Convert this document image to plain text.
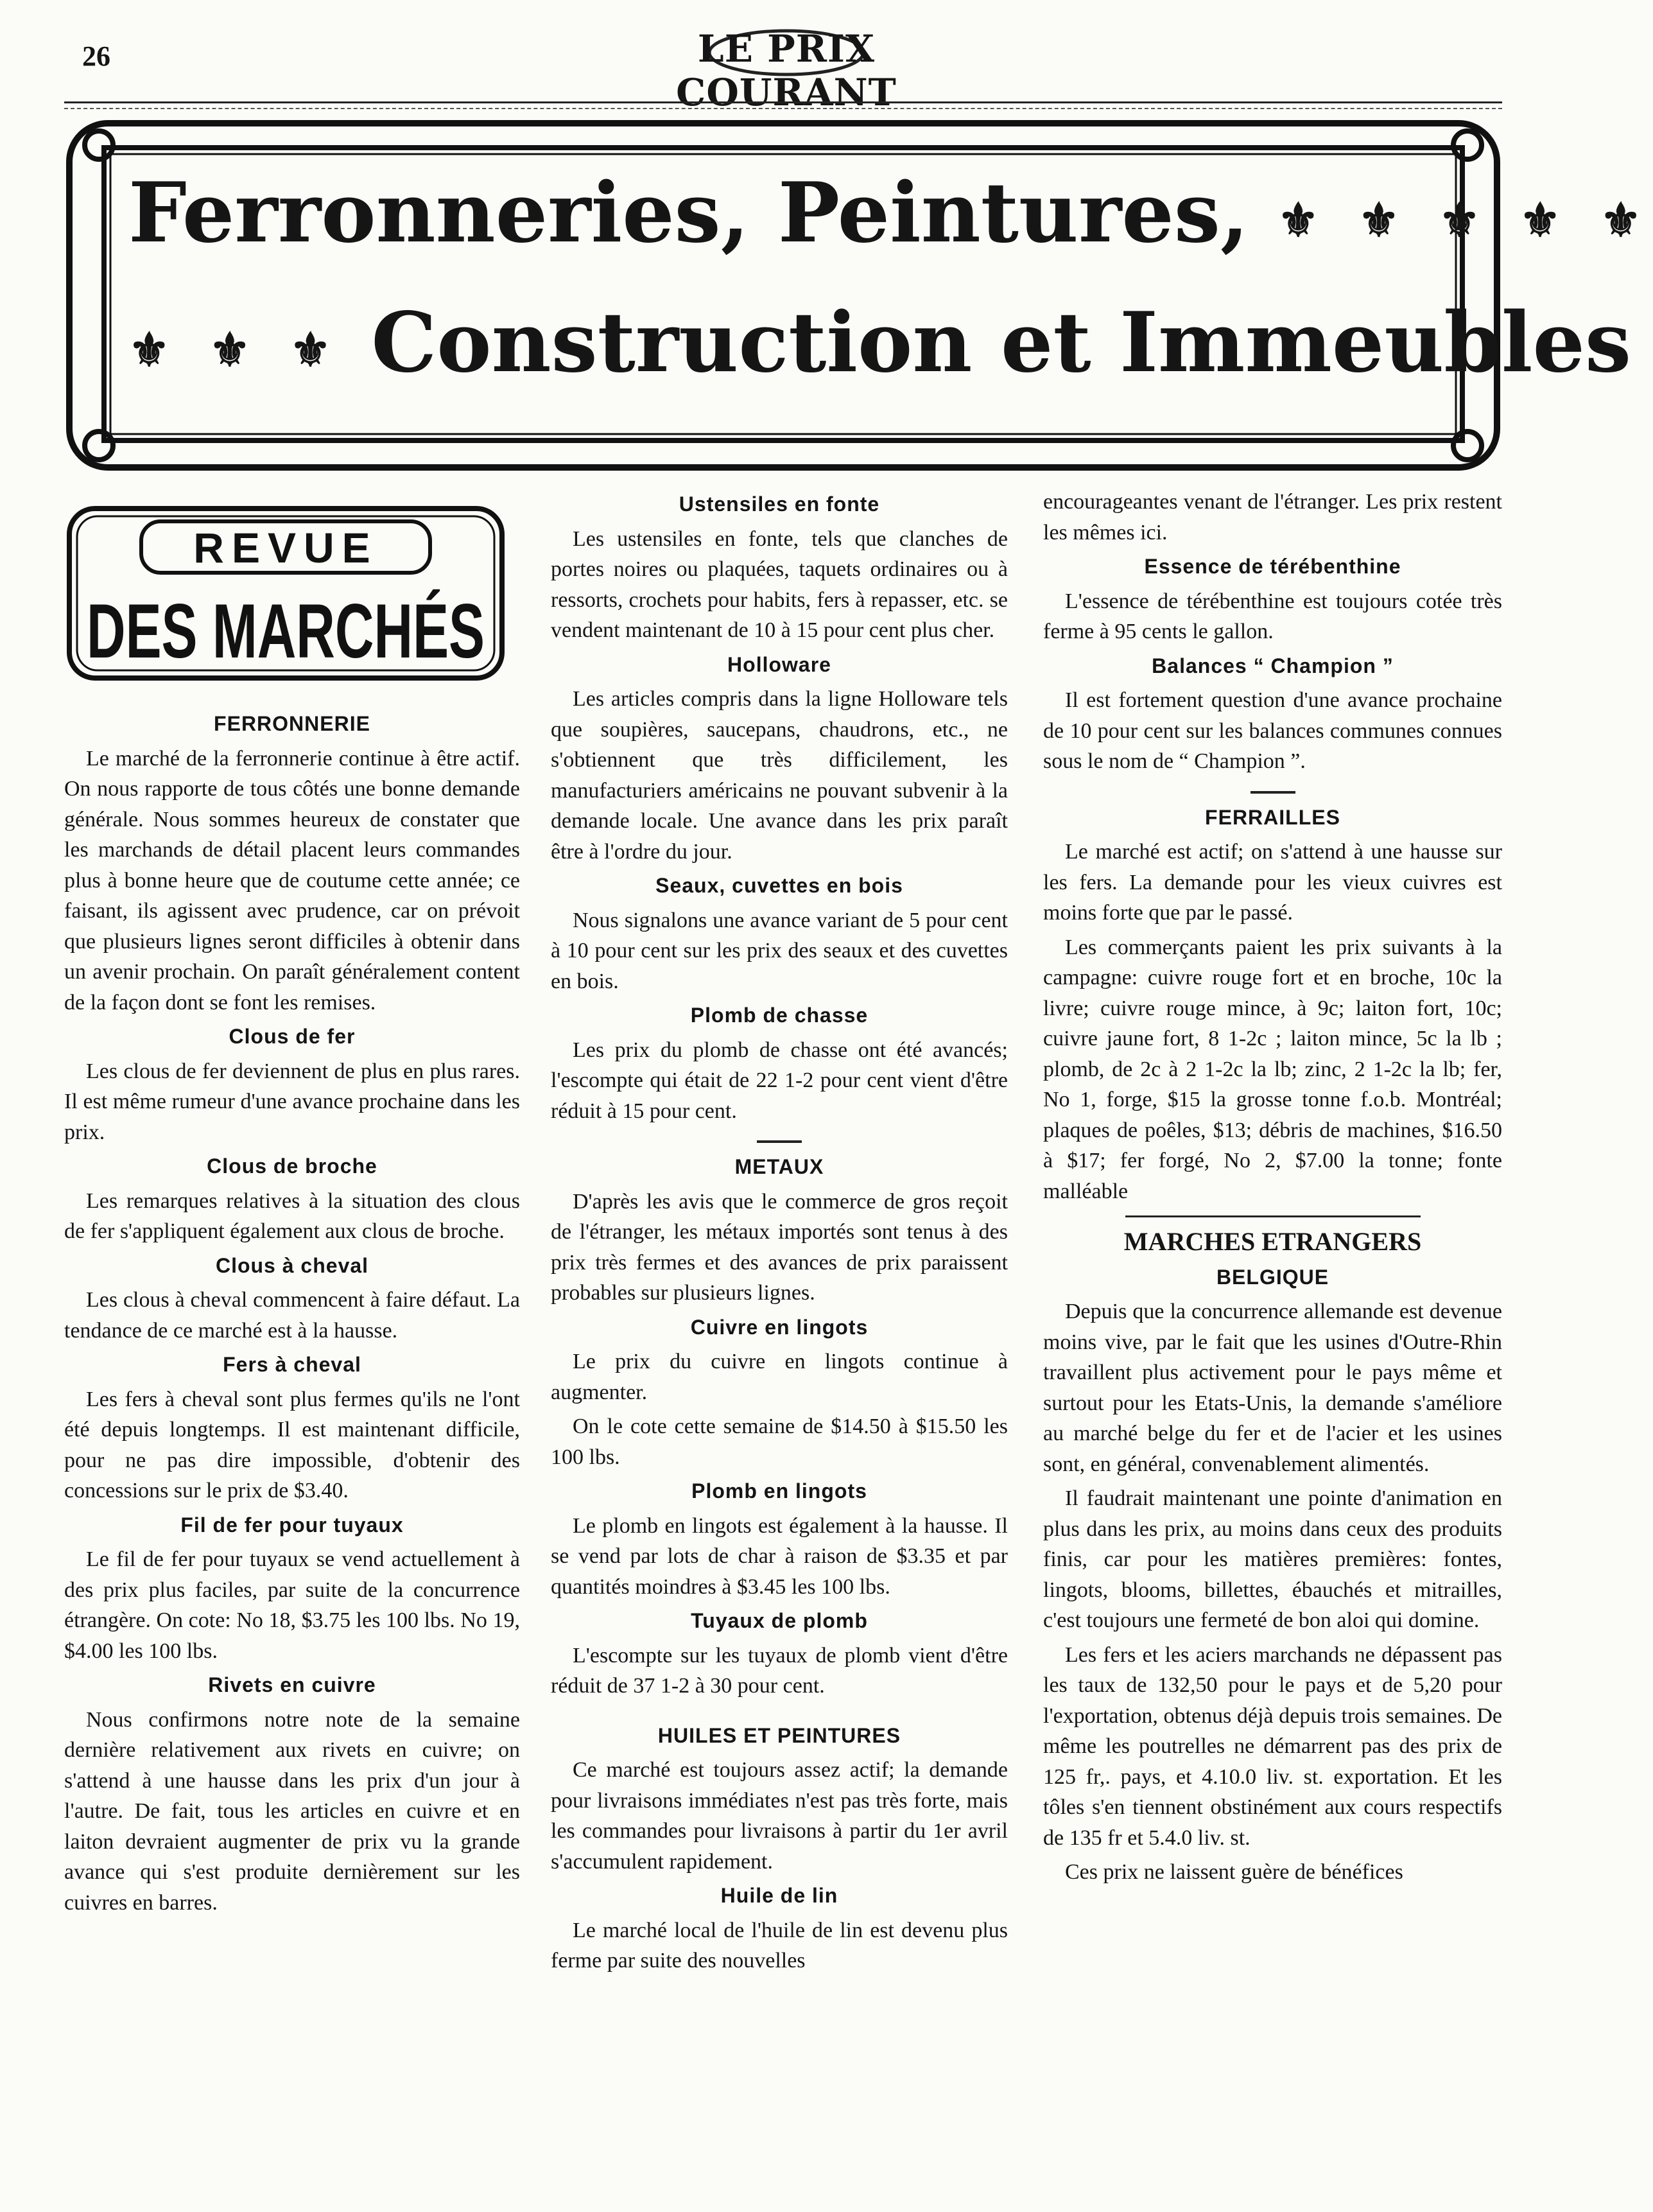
26	LE PRIX COURANT
Ferronneries, Peintures, ⚜ ⚜ ⚜ ⚜ ⚜
⚜ ⚜ ⚜ Construction et Immeubles
REVUE
DES MARCHÉS
FERRONNERIE

Le marché de la ferronnerie continue à être actif. On nous rapporte de tous côtés une bonne demande générale. Nous sommes heureux de constater que les marchands de détail placent leurs commandes plus à bonne heure que de coutume cette année; ce faisant, ils agissent avec prudence, car on prévoit que plusieurs lignes seront difficiles à obtenir dans un avenir prochain. On paraît généralement content de la façon dont se font les remises.

Clous de fer

Les clous de fer deviennent de plus en plus rares. Il est même rumeur d'une avance prochaine dans les prix.

Clous de broche

Les remarques relatives à la situation des clous de fer s'appliquent également aux clous de broche.

Clous à cheval

Les clous à cheval commencent à faire défaut. La tendance de ce marché est à la hausse.

Fers à cheval

Les fers à cheval sont plus fermes qu'ils ne l'ont été depuis longtemps. Il est maintenant difficile, pour ne pas dire impossible, d'obtenir des concessions sur le prix de $3.40.

Fil de fer pour tuyaux

Le fil de fer pour tuyaux se vend actuellement à des prix plus faciles, par suite de la concurrence étrangère. On cote: No 18, $3.75 les 100 lbs. No 19, $4.00 les 100 lbs.

Rivets en cuivre

Nous confirmons notre note de la semaine dernière relativement aux rivets en cuivre; on s'attend à une hausse dans les prix d'un jour à l'autre. De fait, tous les articles en cuivre et en laiton devraient augmenter de prix vu la grande avance qui s'est produite dernièrement sur les cuivres en barres.

Ustensiles en fonte

Les ustensiles en fonte, tels que clanches de portes noires ou plaquées, taquets ordinaires ou à ressorts, crochets pour habits, fers à repasser, etc. se vendent maintenant de 10 à 15 pour cent plus cher.

Holloware

Les articles compris dans la ligne Holloware tels que soupières, saucepans, chaudrons, etc., ne s'obtiennent que très difficilement, les manufacturiers américains ne pouvant subvenir à la demande locale. Une avance dans les prix paraît être à l'ordre du jour.

Seaux, cuvettes en bois

Nous signalons une avance variant de 5 pour cent à 10 pour cent sur les prix des seaux et des cuvettes en bois.

Plomb de chasse

Les prix du plomb de chasse ont été avancés; l'escompte qui était de 22 1-2 pour cent vient d'être réduit à 15 pour cent.

METAUX

D'après les avis que le commerce de gros reçoit de l'étranger, les métaux importés sont tenus à des prix très fermes et des avances de prix paraissent probables sur plusieurs lignes.

Cuivre en lingots

Le prix du cuivre en lingots continue à augmenter.

On le cote cette semaine de $14.50 à $15.50 les 100 lbs.

Plomb en lingots

Le plomb en lingots est également à la hausse. Il se vend par lots de char à raison de $3.35 et par quantités moindres à $3.45 les 100 lbs.

Tuyaux de plomb

L'escompte sur les tuyaux de plomb vient d'être réduit de 37 1-2 à 30 pour cent.

HUILES ET PEINTURES

Ce marché est toujours assez actif; la demande pour livraisons immédiates n'est pas très forte, mais les commandes pour livraisons à partir du 1er avril s'accumulent rapidement.

Huile de lin

Le marché local de l'huile de lin est devenu plus ferme par suite des nouvelles

encourageantes venant de l'étranger. Les prix restent les mêmes ici.

Essence de térébenthine

L'essence de térébenthine est toujours cotée très ferme à 95 cents le gallon.

Balances “ Champion ”

Il est fortement question d'une avance prochaine de 10 pour cent sur les balances communes connues sous le nom de “ Champion ”.

FERRAILLES

Le marché est actif; on s'attend à une hausse sur les fers. La demande pour les vieux cuivres est moins forte que par le passé.

Les commerçants paient les prix suivants à la campagne: cuivre rouge fort et en broche, 10c la livre; cuivre rouge mince, à 9c; laiton fort, 10c; cuivre jaune fort, 8 1-2c ; laiton mince, 5c la lb ; plomb, de 2c à 2 1-2c la lb; zinc, 2 1-2c la lb; fer, No 1, forge, $15 la grosse tonne f.o.b. Montréal; plaques de poêles, $13; débris de machines, $16.50 à $17; fer forgé, No 2, $7.00 la tonne; fonte malléable

MARCHES ETRANGERS
BELGIQUE

Depuis que la concurrence allemande est devenue moins vive, par le fait que les usines d'Outre-Rhin travaillent plus activement pour le pays même et surtout pour les Etats-Unis, la demande s'améliore au marché belge du fer et de l'acier et les usines sont, en général, convenablement alimentés.

Il faudrait maintenant une pointe d'animation en plus dans les prix, au moins dans ceux des produits finis, car pour les matières premières: fontes, lingots, blooms, billettes, ébauchés et mitrailles, c'est toujours une fermeté de bon aloi qui domine.

Les fers et les aciers marchands ne dépassent pas les taux de 132,50 pour le pays et de 5,20 pour l'exportation, obtenus déjà depuis trois semaines. De même les poutrelles ne démarrent pas des prix de 125 fr,. pays, et 4.10.0 liv. st. exportation. Et les tôles s'en tiennent obstinément aux cours respectifs de 135 fr et 5.4.0 liv. st.

Ces prix ne laissent guère de bénéfices
